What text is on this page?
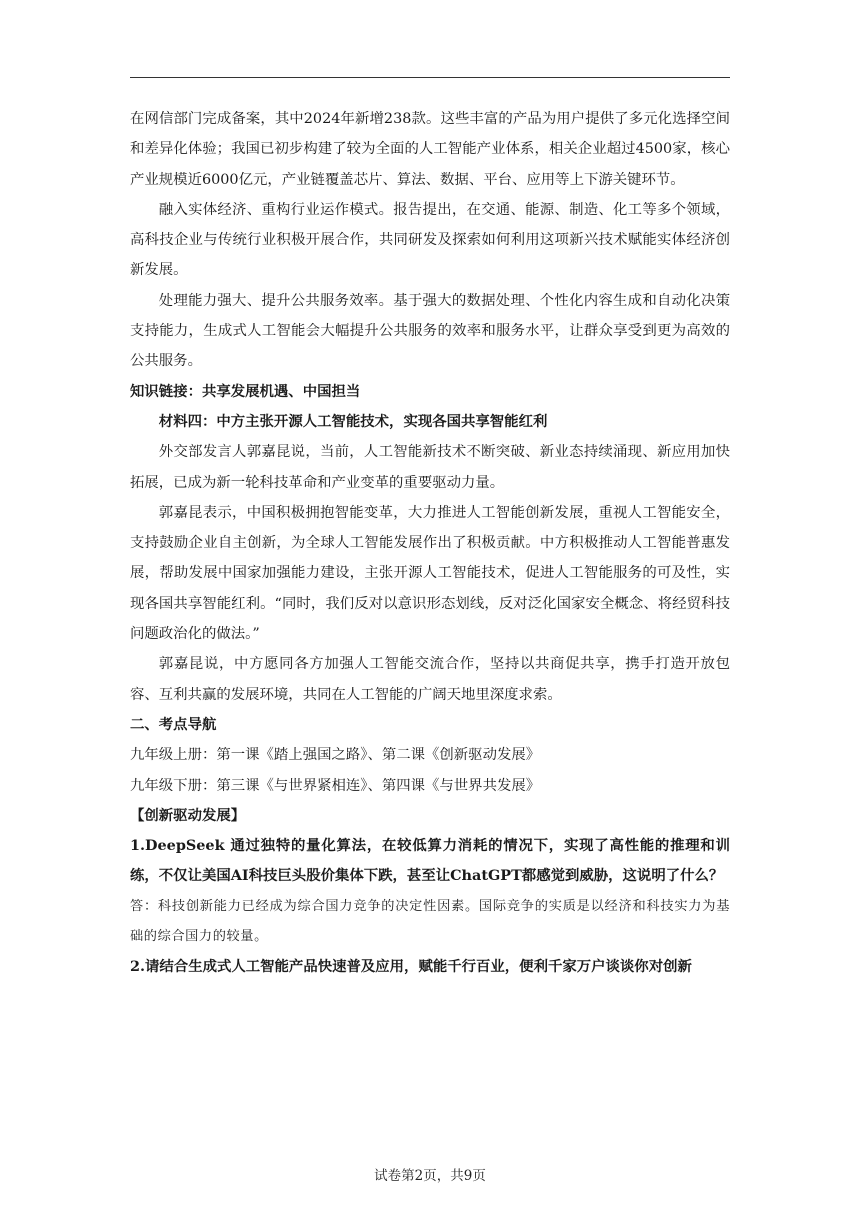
在网信部门完成备案，其中2024年新增238款。这些丰富的产品为用户提供了多元化选择空间和差异化体验；我国已初步构建了较为全面的人工智能产业体系，相关企业超过4500家，核心产业规模近6000亿元，产业链覆盖芯片、算法、数据、平台、应用等上下游关键环节。

融入实体经济、重构行业运作模式。报告提出，在交通、能源、制造、化工等多个领域，高科技企业与传统行业积极开展合作，共同研发及探索如何利用这项新兴技术赋能实体经济创新发展。

处理能力强大、提升公共服务效率。基于强大的数据处理、个性化内容生成和自动化决策支持能力，生成式人工智能会大幅提升公共服务的效率和服务水平，让群众享受到更为高效的公共服务。

知识链接：共享发展机遇、中国担当

材料四：中方主张开源人工智能技术，实现各国共享智能红利

外交部发言人郭嘉昆说，当前，人工智能新技术不断突破、新业态持续涌现、新应用加快拓展，已成为新一轮科技革命和产业变革的重要驱动力量。

郭嘉昆表示，中国积极拥抱智能变革，大力推进人工智能创新发展，重视人工智能安全，支持鼓励企业自主创新，为全球人工智能发展作出了积极贡献。中方积极推动人工智能普惠发展，帮助发展中国家加强能力建设，主张开源人工智能技术，促进人工智能服务的可及性，实现各国共享智能红利。“同时，我们反对以意识形态划线，反对泛化国家安全概念、将经贸科技问题政治化的做法。”

郭嘉昆说，中方愿同各方加强人工智能交流合作，坚持以共商促共享，携手打造开放包容、互利共赢的发展环境，共同在人工智能的广阔天地里深度求索。

二、考点导航

九年级上册：第一课《踏上强国之路》、第二课《创新驱动发展》

九年级下册：第三课《与世界紧相连》、第四课《与世界共发展》

【创新驱动发展】

1.DeepSeek 通过独特的量化算法，在较低算力消耗的情况下，实现了高性能的推理和训练，不仅让美国AI科技巨头股价集体下跌，甚至让ChatGPT都感觉到威胁，这说明了什么？

答：科技创新能力已经成为综合国力竞争的决定性因素。国际竞争的实质是以经济和科技实力为基础的综合国力的较量。

2.请结合生成式人工智能产品快速普及应用，赋能千行百业，便利千家万户谈谈你对创新

试卷第2页，共9页
